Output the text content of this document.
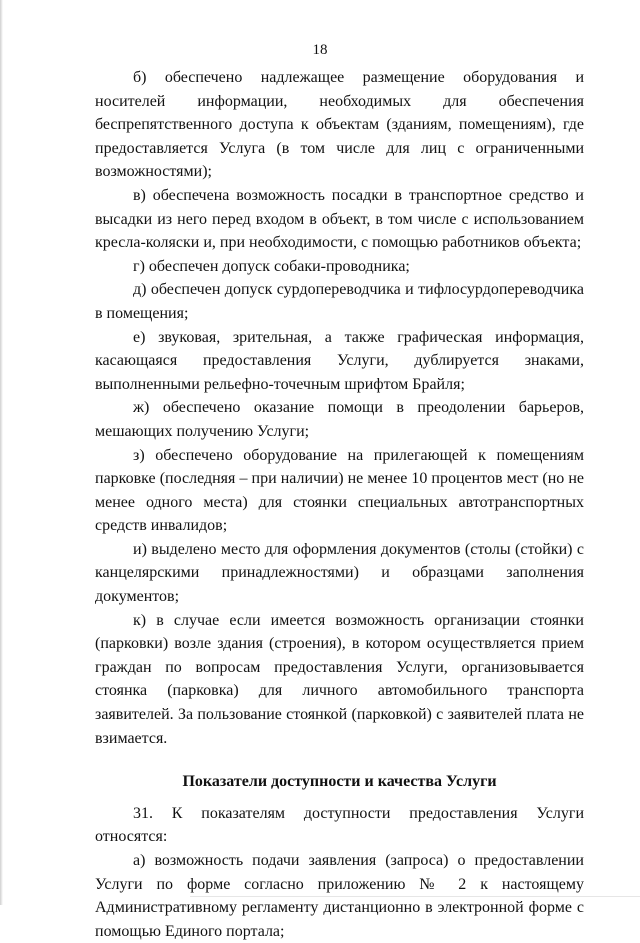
18

б) обеспечено надлежащее размещение оборудования и носителей информации, необходимых для обеспечения беспрепятственного доступа к объектам (зданиям, помещениям), где предоставляется Услуга (в том числе для лиц с ограниченными возможностями);

в) обеспечена возможность посадки в транспортное средство и высадки из него перед входом в объект, в том числе с использованием кресла-коляски и, при необходимости, с помощью работников объекта;

г) обеспечен допуск собаки-проводника;

д) обеспечен допуск сурдопереводчика и тифлосурдопереводчика в помещения;

е) звуковая, зрительная, а также графическая информация, касающаяся предоставления Услуги, дублируется знаками, выполненными рельефно-точечным шрифтом Брайля;

ж) обеспечено оказание помощи в преодолении барьеров, мешающих получению Услуги;

з) обеспечено оборудование на прилегающей к помещениям парковке (последняя – при наличии) не менее 10 процентов мест (но не менее одного места) для стоянки специальных автотранспортных средств инвалидов;

и) выделено место для оформления документов (столы (стойки) с канцелярскими принадлежностями) и образцами заполнения документов;

к) в случае если имеется возможность организации стоянки (парковки) возле здания (строения), в котором осуществляется прием граждан по вопросам предоставления Услуги, организовывается стоянка (парковка) для личного автомобильного транспорта заявителей. За пользование стоянкой (парковкой) с заявителей плата не взимается.

Показатели доступности и качества Услуги

31. К показателям доступности предоставления Услуги относятся:

а) возможность подачи заявления (запроса) о предоставлении Услуги по форме согласно приложению № 2 к настоящему Административному регламенту дистанционно в электронной форме с помощью Единого портала;
